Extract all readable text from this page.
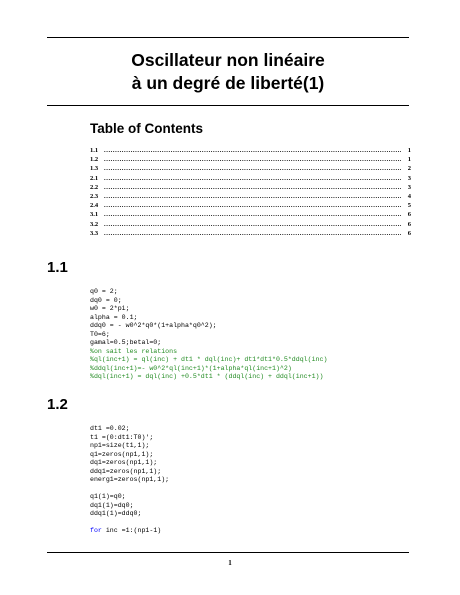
Oscillateur non linéaire
à un degré de liberté(1)
Table of Contents
1.1 .....	1
1.2 .....	1
1.3 .....	2
2.1 .....	3
2.2 .....	3
2.3 .....	4
2.4 .....	5
3.1 .....	6
3.2 .....	6
3.3 .....	6
1.1
q0 = 2;
dq0 = 0;
w0 = 2*pi;
alpha = 0.1;
ddq0 = - w0^2*q0*(1+alpha*q0^2);
T0=6;
gamal=0.5;betal=0;
%on sait les relations
%ql(inc+1) = ql(inc) + dt1 * dql(inc)+ dt1*dt1*0.5*ddql(inc)
%ddql(inc+1)=- w0^2*ql(inc+1)*(1+alpha*ql(inc+1)^2)
%dql(inc+1) = dql(inc) +0.5*dt1 * (ddql(inc) + ddql(inc+1))
1.2
dt1 =0.02;
t1 =(0:dt1:T0)';
np1=size(t1,1);
q1=zeros(np1,1);
dq1=zeros(np1,1);
ddq1=zeros(np1,1);
energ1=zeros(np1,1);
q1(1)=q0;
dq1(1)=dq0;
ddq1(1)=ddq0;
for inc =1:(np1-1)
1
